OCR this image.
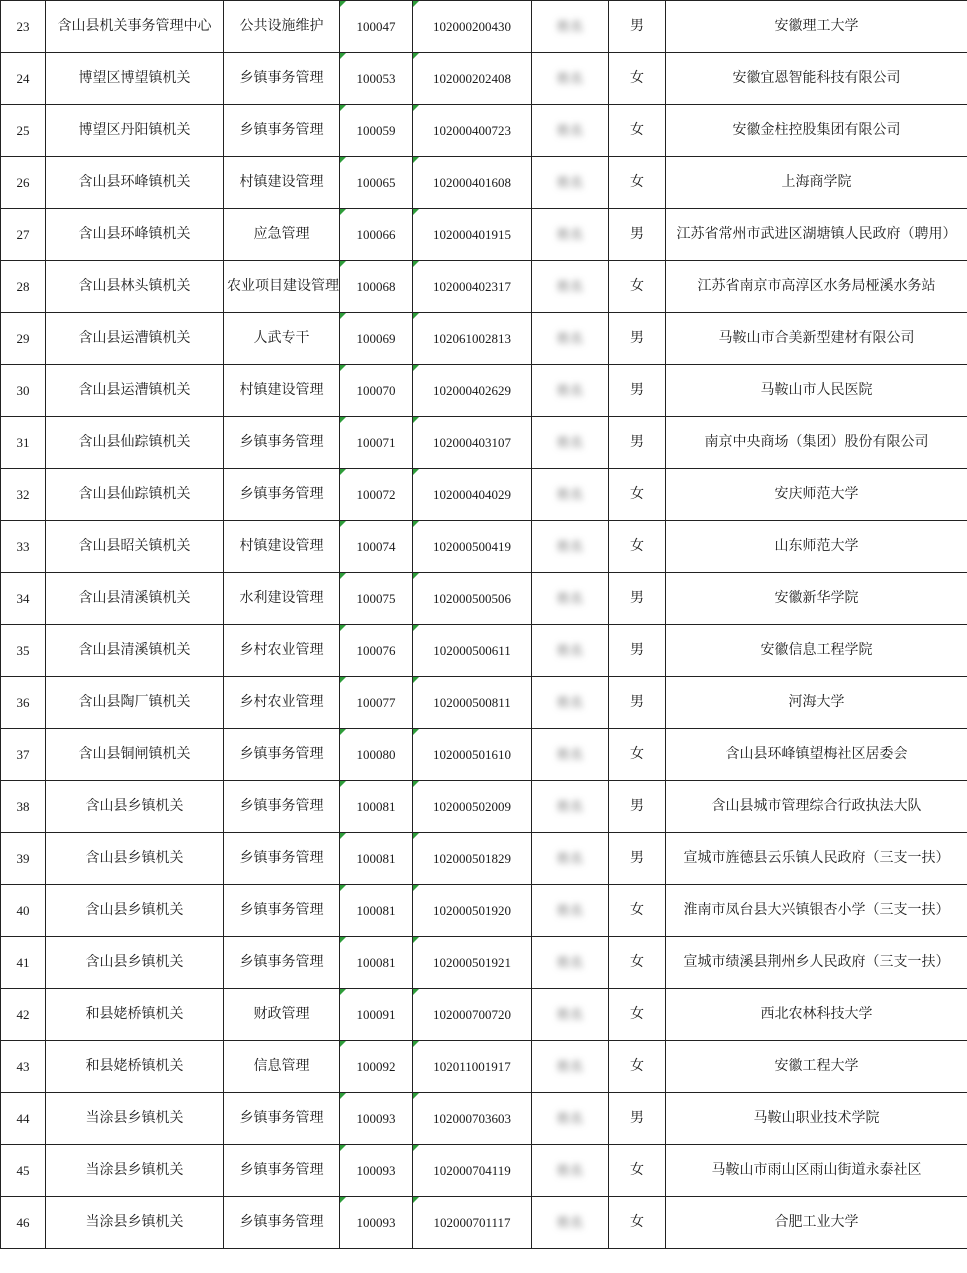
23	含山县机关事务管理中心	公共设施维护	100047	102000200430	姓名	男	安徽理工大学
24	博望区博望镇机关	乡镇事务管理	100053	102000202408	姓名	女	安徽宜恩智能科技有限公司
25	博望区丹阳镇机关	乡镇事务管理	100059	102000400723	姓名	女	安徽金柱控股集团有限公司
26	含山县环峰镇机关	村镇建设管理	100065	102000401608	姓名	女	上海商学院
27	含山县环峰镇机关	应急管理	100066	102000401915	姓名	男	江苏省常州市武进区湖塘镇人民政府（聘用）
28	含山县林头镇机关	农业项目建设管理	100068	102000402317	姓名	女	江苏省南京市高淳区水务局桠溪水务站
29	含山县运漕镇机关	人武专干	100069	102061002813	姓名	男	马鞍山市合美新型建材有限公司
30	含山县运漕镇机关	村镇建设管理	100070	102000402629	姓名	男	马鞍山市人民医院
31	含山县仙踪镇机关	乡镇事务管理	100071	102000403107	姓名	男	南京中央商场（集团）股份有限公司
32	含山县仙踪镇机关	乡镇事务管理	100072	102000404029	姓名	女	安庆师范大学
33	含山县昭关镇机关	村镇建设管理	100074	102000500419	姓名	女	山东师范大学
34	含山县清溪镇机关	水利建设管理	100075	102000500506	姓名	男	安徽新华学院
35	含山县清溪镇机关	乡村农业管理	100076	102000500611	姓名	男	安徽信息工程学院
36	含山县陶厂镇机关	乡村农业管理	100077	102000500811	姓名	男	河海大学
37	含山县铜闸镇机关	乡镇事务管理	100080	102000501610	姓名	女	含山县环峰镇望梅社区居委会
38	含山县乡镇机关	乡镇事务管理	100081	102000502009	姓名	男	含山县城市管理综合行政执法大队
39	含山县乡镇机关	乡镇事务管理	100081	102000501829	姓名	男	宣城市旌德县云乐镇人民政府（三支一扶）
40	含山县乡镇机关	乡镇事务管理	100081	102000501920	姓名	女	淮南市凤台县大兴镇银杏小学（三支一扶）
41	含山县乡镇机关	乡镇事务管理	100081	102000501921	姓名	女	宣城市绩溪县荆州乡人民政府（三支一扶）
42	和县姥桥镇机关	财政管理	100091	102000700720	姓名	女	西北农林科技大学
43	和县姥桥镇机关	信息管理	100092	102011001917	姓名	女	安徽工程大学
44	当涂县乡镇机关	乡镇事务管理	100093	102000703603	姓名	男	马鞍山职业技术学院
45	当涂县乡镇机关	乡镇事务管理	100093	102000704119	姓名	女	马鞍山市雨山区雨山街道永泰社区
46	当涂县乡镇机关	乡镇事务管理	100093	102000701117	姓名	女	合肥工业大学
